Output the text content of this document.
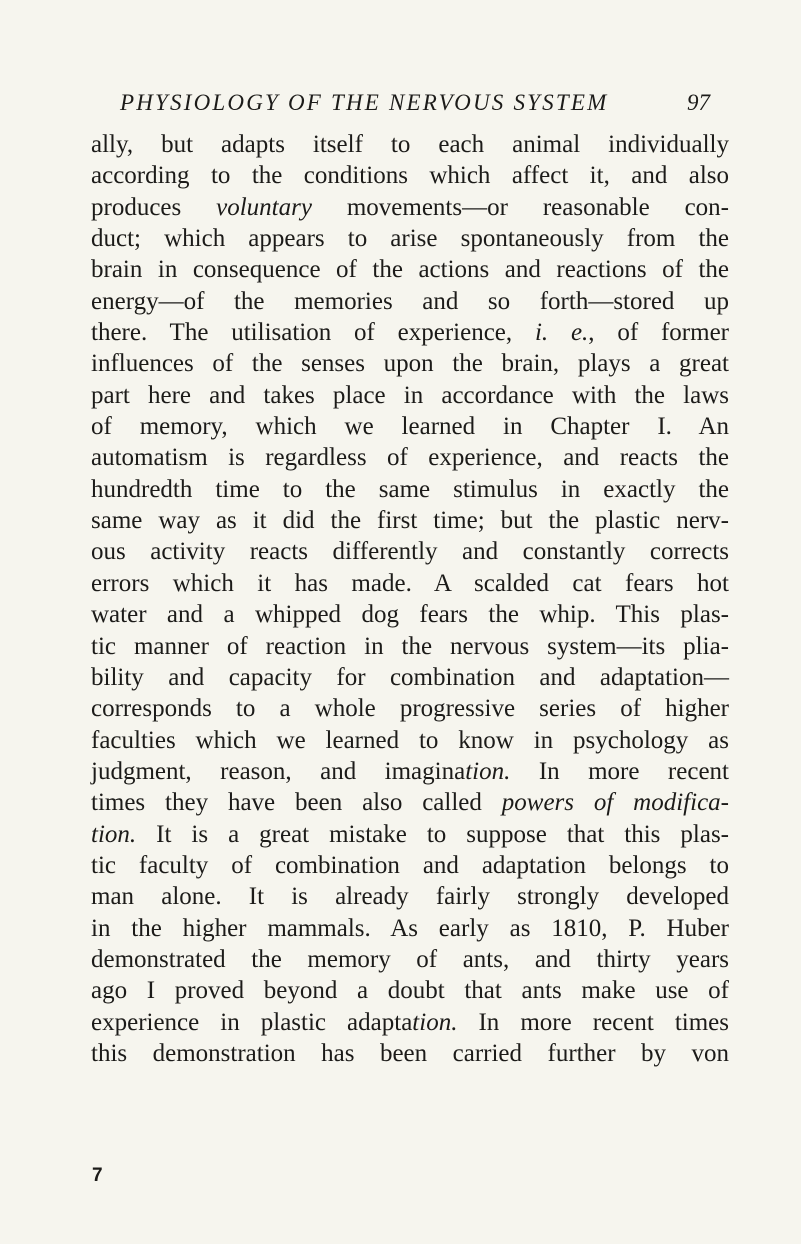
PHYSIOLOGY OF THE NERVOUS SYSTEM	97
ally, but adapts itself to each animal individually
according to the conditions which affect it, and also
produces voluntary movements—or reasonable con-
duct; which appears to arise spontaneously from the
brain in consequence of the actions and reactions of the
energy—of the memories and so forth—stored up
there. The utilisation of experience, i. e., of former
influences of the senses upon the brain, plays a great
part here and takes place in accordance with the laws
of memory, which we learned in Chapter I. An
automatism is regardless of experience, and reacts the
hundredth time to the same stimulus in exactly the
same way as it did the first time; but the plastic nerv-
ous activity reacts differently and constantly corrects
errors which it has made. A scalded cat fears hot
water and a whipped dog fears the whip. This plas-
tic manner of reaction in the nervous system—its plia-
bility and capacity for combination and adaptation—
corresponds to a whole progressive series of higher
faculties which we learned to know in psychology as
judgment, reason, and imagination. In more recent
times they have been also called powers of modifica-
tion. It is a great mistake to suppose that this plas-
tic faculty of combination and adaptation belongs to
man alone. It is already fairly strongly developed
in the higher mammals. As early as 1810, P. Huber
demonstrated the memory of ants, and thirty years
ago I proved beyond a doubt that ants make use of
experience in plastic adaptation. In more recent times
this demonstration has been carried further by von
7
